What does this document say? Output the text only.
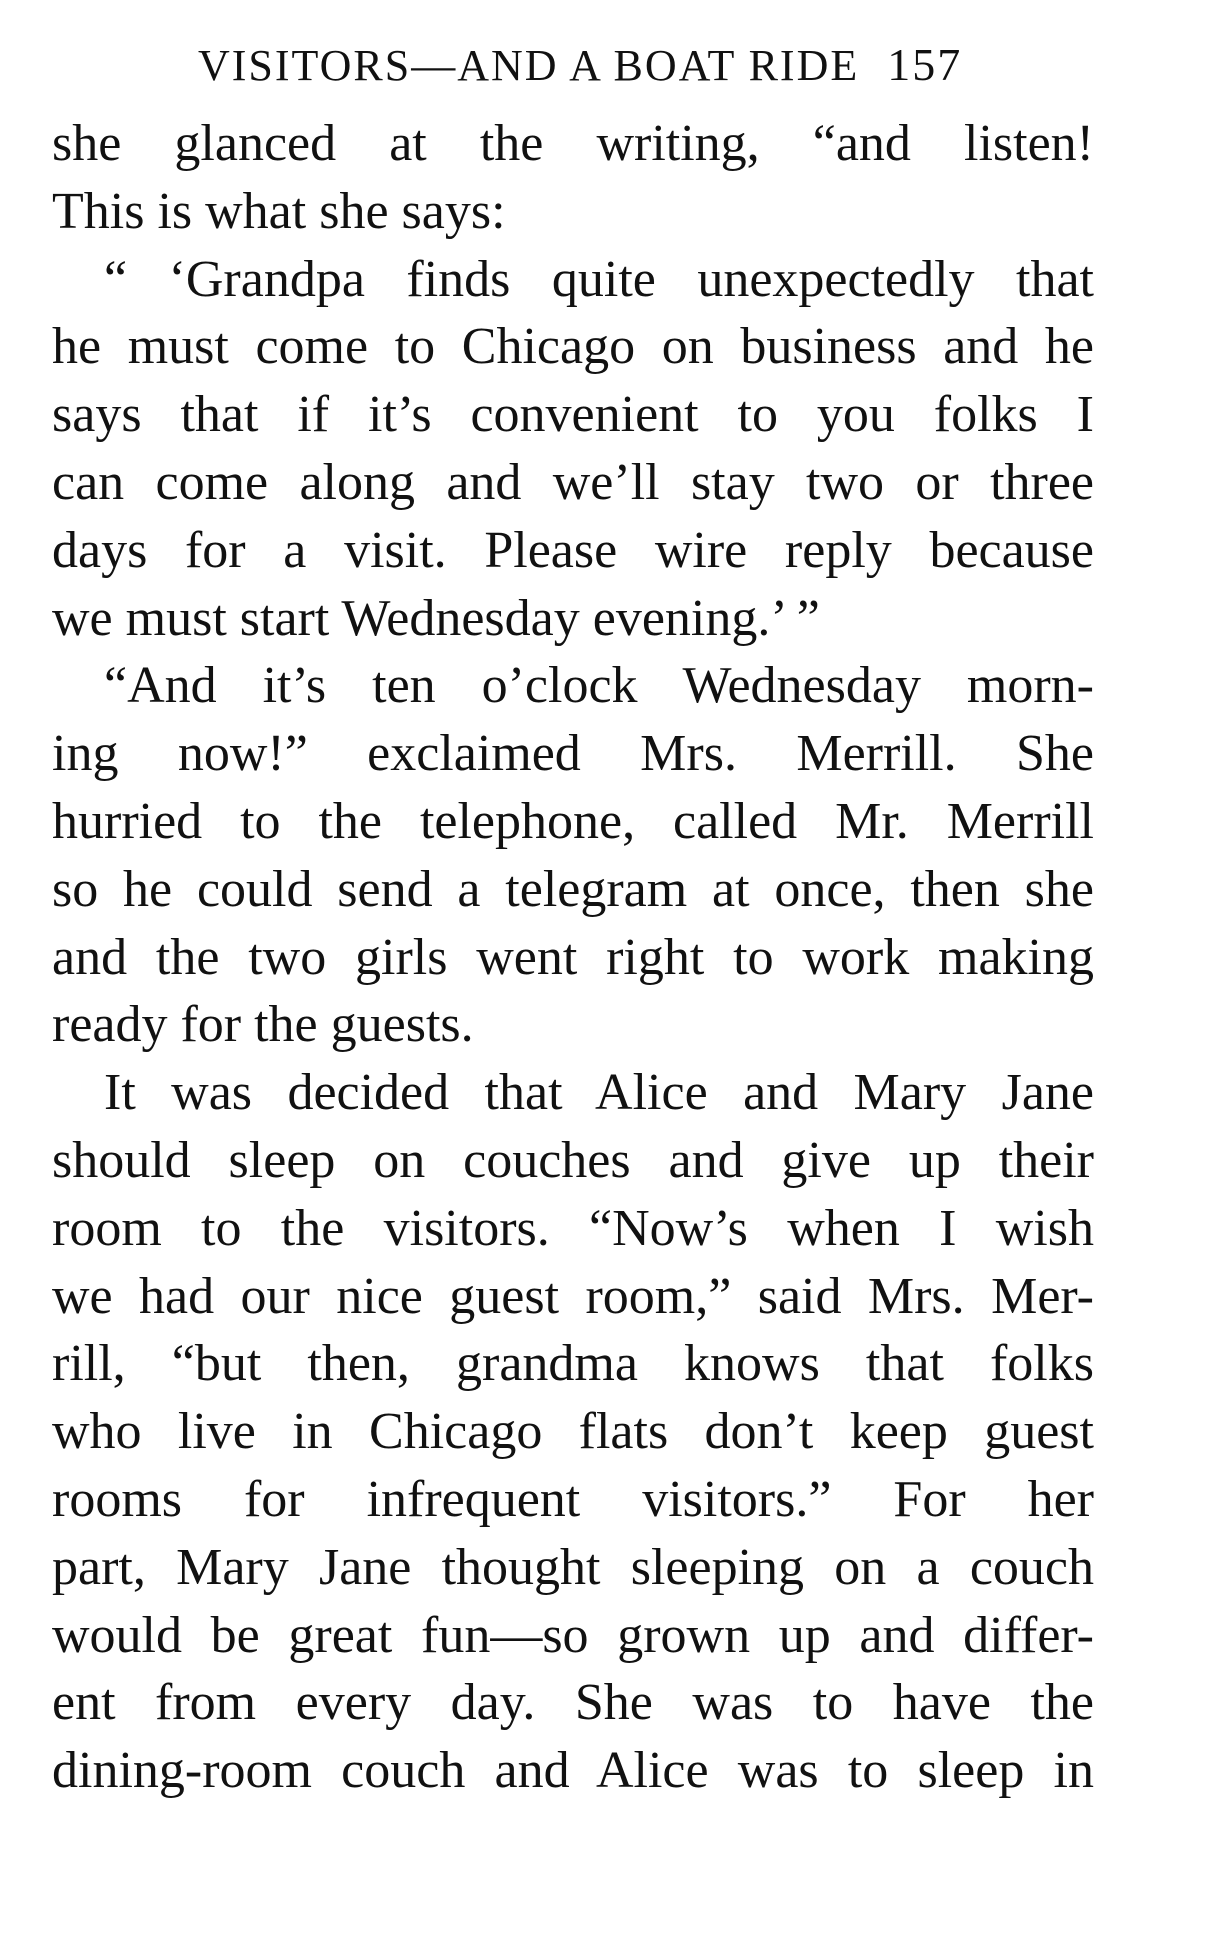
VISITORS—AND A BOAT RIDE 157
she glanced at the writing, “and listen!
This is what she says:
“ ‘Grandpa finds quite unexpectedly that
he must come to Chicago on business and he
says that if it’s convenient to you folks I
can come along and we’ll stay two or three
days for a visit. Please wire reply because
we must start Wednesday evening.’ ”
“And it’s ten o’clock Wednesday morn-
ing now!” exclaimed Mrs. Merrill. She
hurried to the telephone, called Mr. Merrill
so he could send a telegram at once, then she
and the two girls went right to work making
ready for the guests.
It was decided that Alice and Mary Jane
should sleep on couches and give up their
room to the visitors. “Now’s when I wish
we had our nice guest room,” said Mrs. Mer-
rill, “but then, grandma knows that folks
who live in Chicago flats don’t keep guest
rooms for infrequent visitors.” For her
part, Mary Jane thought sleeping on a couch
would be great fun—so grown up and differ-
ent from every day. She was to have the
dining-room couch and Alice was to sleep in
